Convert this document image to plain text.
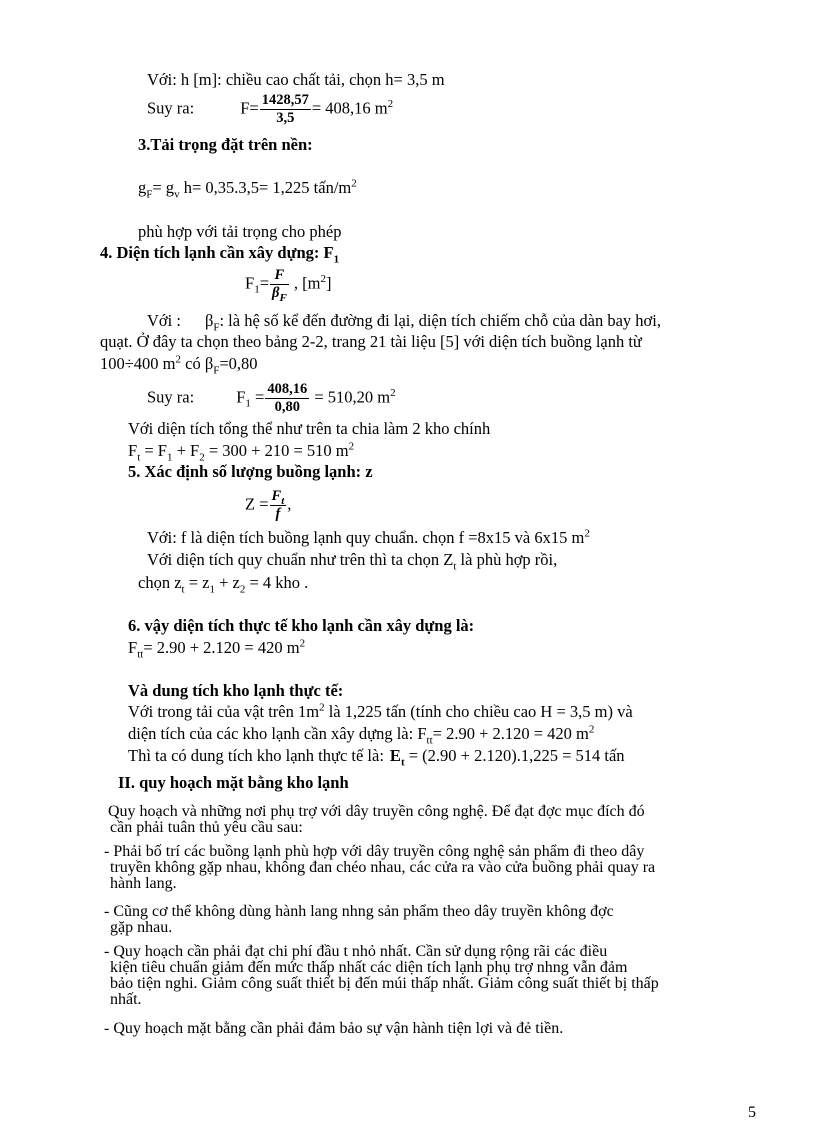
Với: h [m]: chiều cao chất tải, chọn h= 3,5 m
Suy ra:	$F= \frac{1428,57}{3,5} = 408,16$ $m^2$
3.Tải trọng đặt trên nền:
$g_F= g_v$ h= 0,35.3,5= 1,225 tấn/$m^2$
phù hợp với tải trọng cho phép
4. Diện tích lạnh cần xây dựng: $F_1$
$F_1= \frac{F}{\beta_F}$ , $[m^2]$
Với : $\beta_F$: là hệ số kể đến đường đi lại, diện tích chiếm chỗ của dàn bay hơi,
quạt. Ở đây ta chọn theo bảng 2-2, trang 21 tài liệu [5] với diện tích buồng lạnh từ
100÷400 $m^2$ có $\beta_F=0,80$
Suy ra:	$F_1 = \frac{408,16}{0,80} = 510,20$ $m^2$
Với diện tích tổng thể như trên ta chia làm 2 kho chính
$F_t = F_1 + F_2 = 300 + 210 = 510$ $m^2$
5. Xác định số lượng buồng lạnh: z
$Z = \frac{F_t}{f}$ ,
Với: f là diện tích buồng lạnh quy chuẩn. chọn f =8x15 và 6x15 $m^2$
Với diện tích quy chuẩn như trên thì ta chọn $Z_t$ là phù hợp rồi,
chọn $z_t = z_1 + z_2 = 4$ kho .
6. vậy diện tích thực tế kho lạnh cần xây dựng là:
$F_{tt}= 2.90 + 2.120 = 420$ $m^2$
Và dung tích kho lạnh thực tế:
Với trong tải của vật trên $1m^2$ là 1,225 tấn (tính cho chiều cao H = 3,5 m) và
diện tích của các kho lạnh cần xây dựng là: $F_{tt}= 2.90 + 2.120 = 420$ $m^2$
Thì ta có dung tích kho lạnh thực tế là: $E_t = (2.90 + 2.120).1,225 = 514$ tấn
II. quy hoạch mặt bằng kho lạnh
Quy hoạch và những nơi phụ trợ với dây truyền công nghệ. Để đạt đợc mục đích đó
cần phải tuân thủ yêu cầu sau:
- Phải bố trí các buồng lạnh phù hợp với dây truyền công nghệ sản phẩm đi theo dây
truyền không gặp nhau, không đan chéo nhau, các cửa ra vào cửa buồng phải quay ra
hành lang.
- Cũng cơ thể không dùng hành lang nhng sản phẩm theo dây truyền không đợc
gặp nhau.
- Quy hoạch cần phải đạt chi phí đầu t nhỏ nhất. Cần sử dụng rộng rãi các điều
kiện tiêu chuẩn giảm đến mức thấp nhất các diện tích lạnh phụ trợ nhng vẫn đảm
bảo tiện nghi. Giảm công suất thiết bị đến múi thấp nhất. Giảm công suất thiết bị thấp
nhất.
- Quy hoạch mặt bằng cần phải đảm bảo sự vận hành tiện lợi và đẻ tiền.
5
